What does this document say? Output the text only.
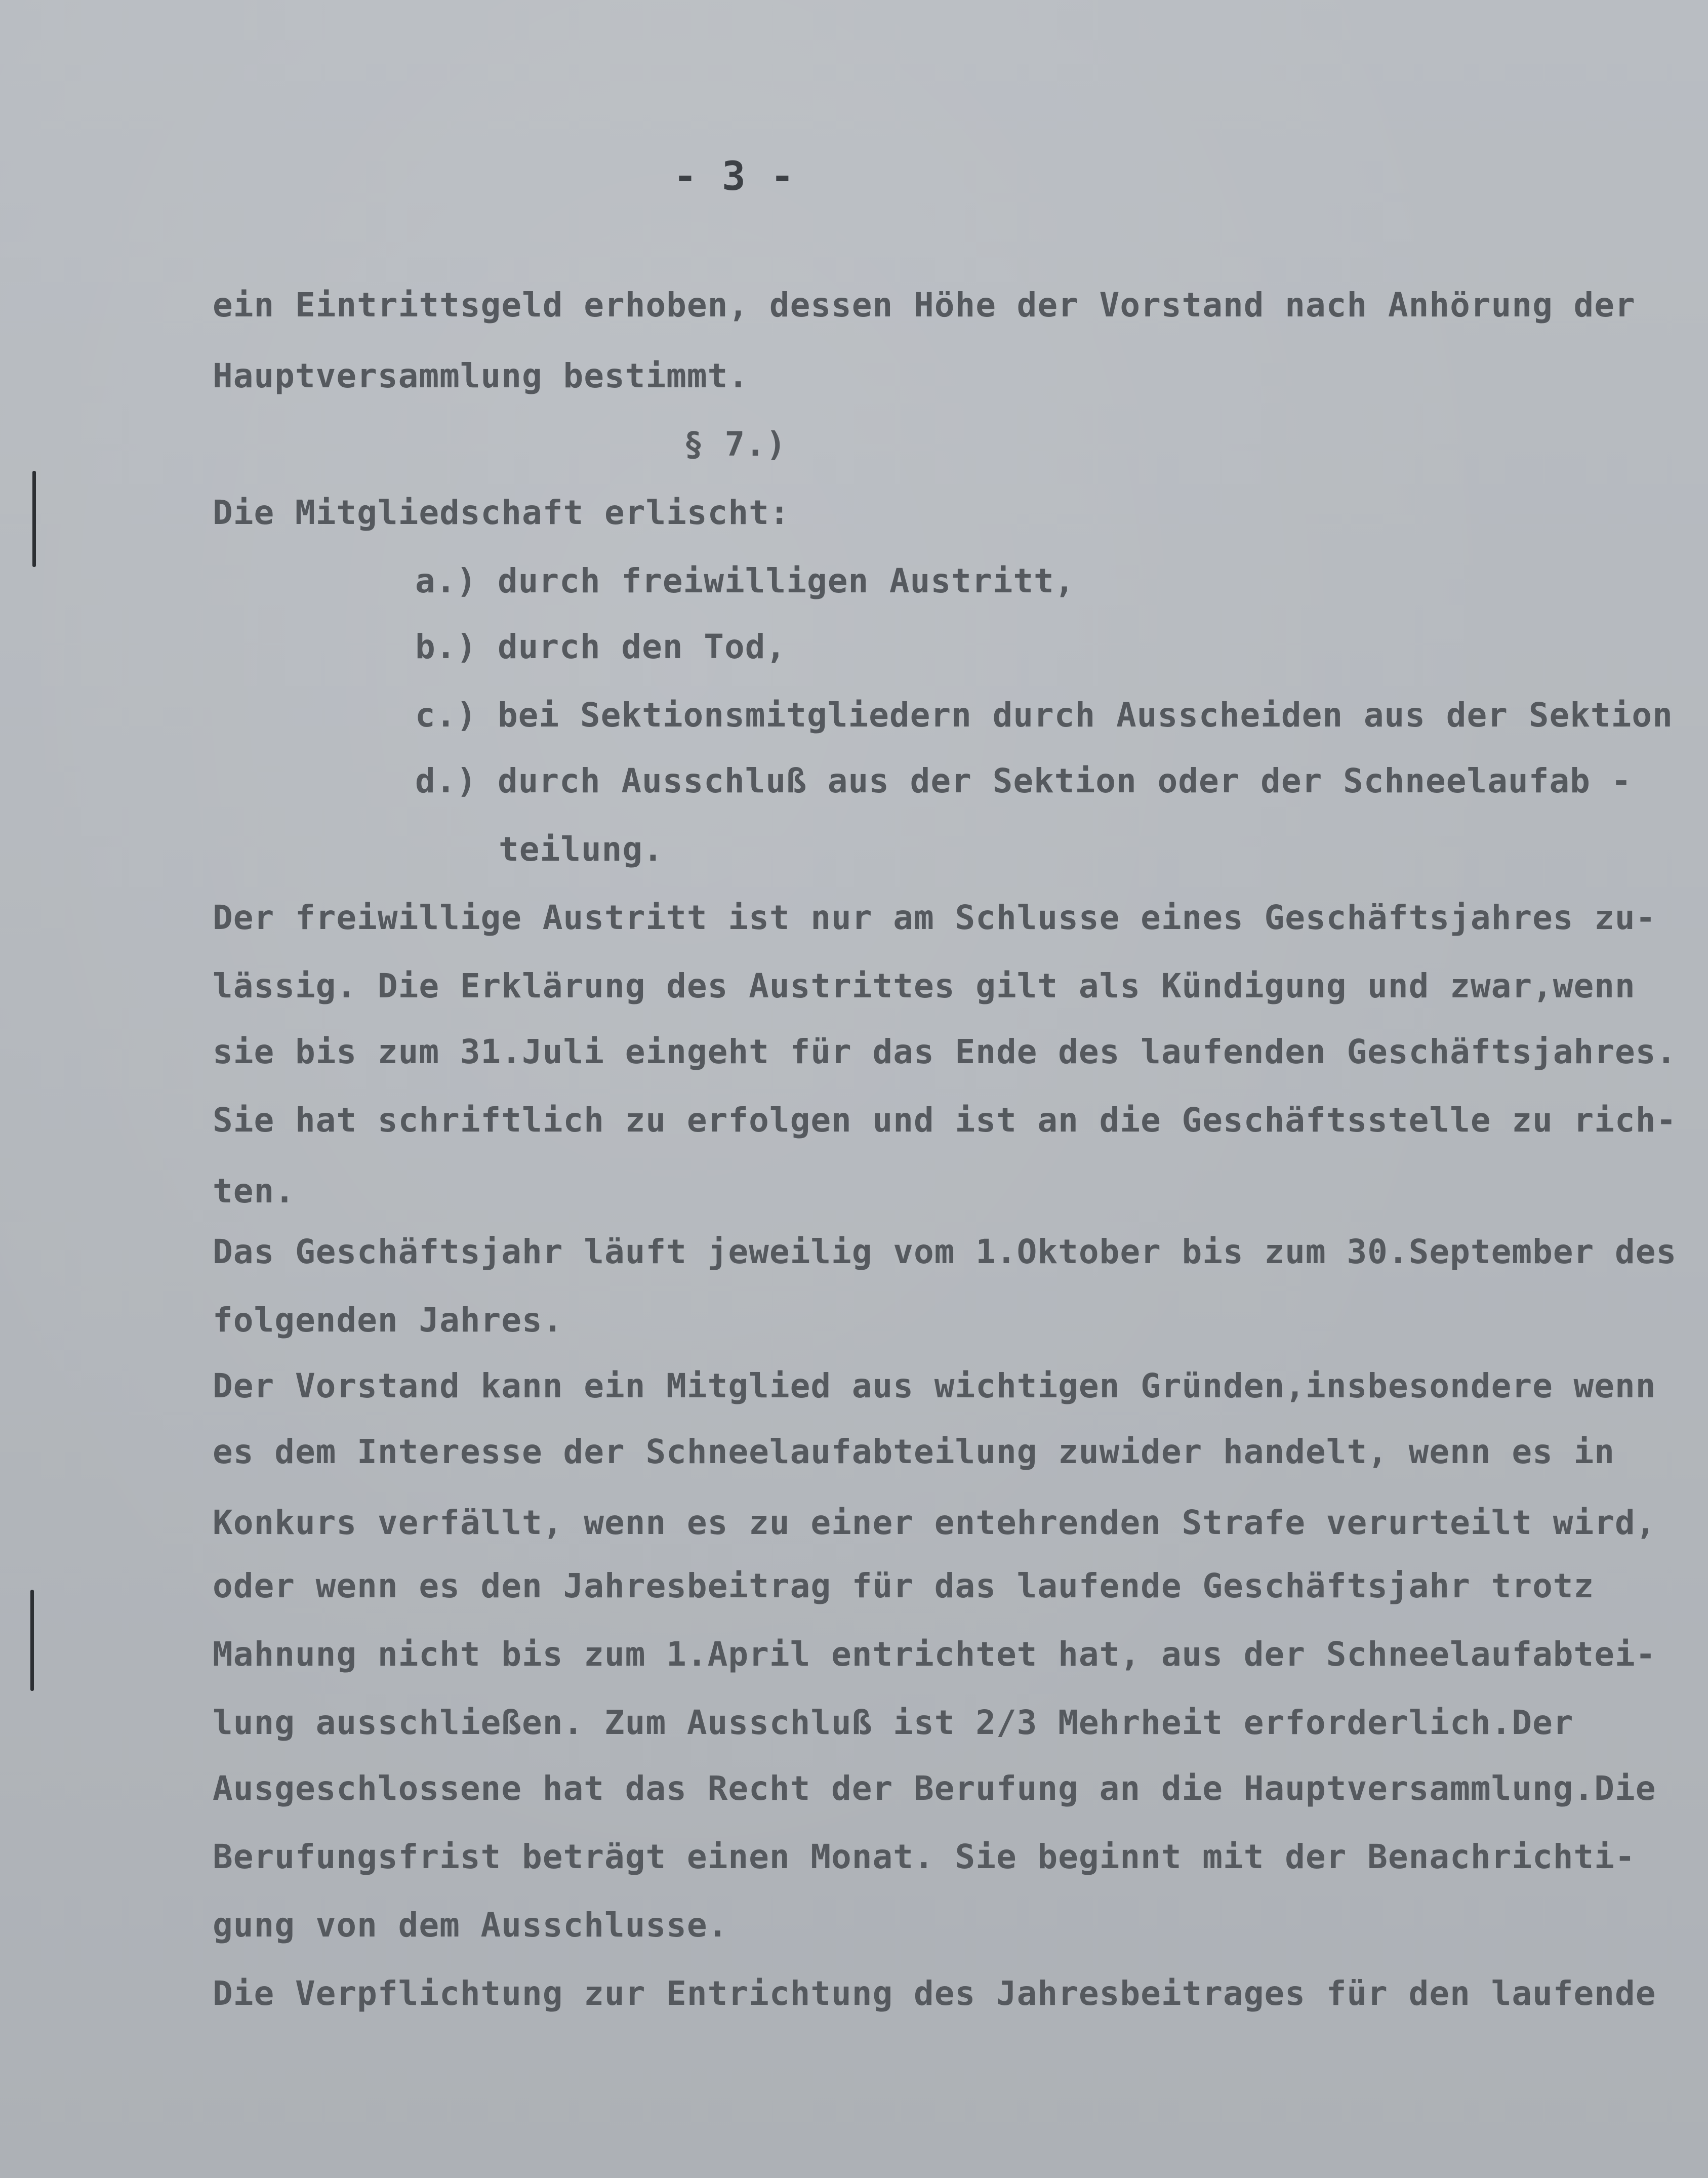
- 3 -
ein Eintrittsgeld erhoben, dessen Höhe der Vorstand nach Anhörung der
Hauptversammlung bestimmt.
§ 7.)
Die Mitgliedschaft erlischt:
a.) durch freiwilligen Austritt,
b.) durch den Tod,
c.) bei Sektionsmitgliedern durch Ausscheiden aus der Sektion
d.) durch Ausschluß aus der Sektion oder der Schneelaufab -
teilung.
Der freiwillige Austritt ist nur am Schlusse eines Geschäftsjahres zu-
lässig. Die Erklärung des Austrittes gilt als Kündigung und zwar,wenn
sie bis zum 31.Juli eingeht für das Ende des laufenden Geschäftsjahres.
Sie hat schriftlich zu erfolgen und ist an die Geschäftsstelle zu rich-
ten.
Das Geschäftsjahr läuft jeweilig vom 1.Oktober bis zum 30.September des
folgenden Jahres.
Der Vorstand kann ein Mitglied aus wichtigen Gründen,insbesondere wenn
es dem Interesse der Schneelaufabteilung zuwider handelt, wenn es in
Konkurs verfällt, wenn es zu einer entehrenden Strafe verurteilt wird,
oder wenn es den Jahresbeitrag für das laufende Geschäftsjahr trotz
Mahnung nicht bis zum 1.April entrichtet hat, aus der Schneelaufabtei-
lung ausschließen. Zum Ausschluß ist 2/3 Mehrheit erforderlich.Der
Ausgeschlossene hat das Recht der Berufung an die Hauptversammlung.Die
Berufungsfrist beträgt einen Monat. Sie beginnt mit der Benachrichti-
gung von dem Ausschlusse.
Die Verpflichtung zur Entrichtung des Jahresbeitrages für den laufende
